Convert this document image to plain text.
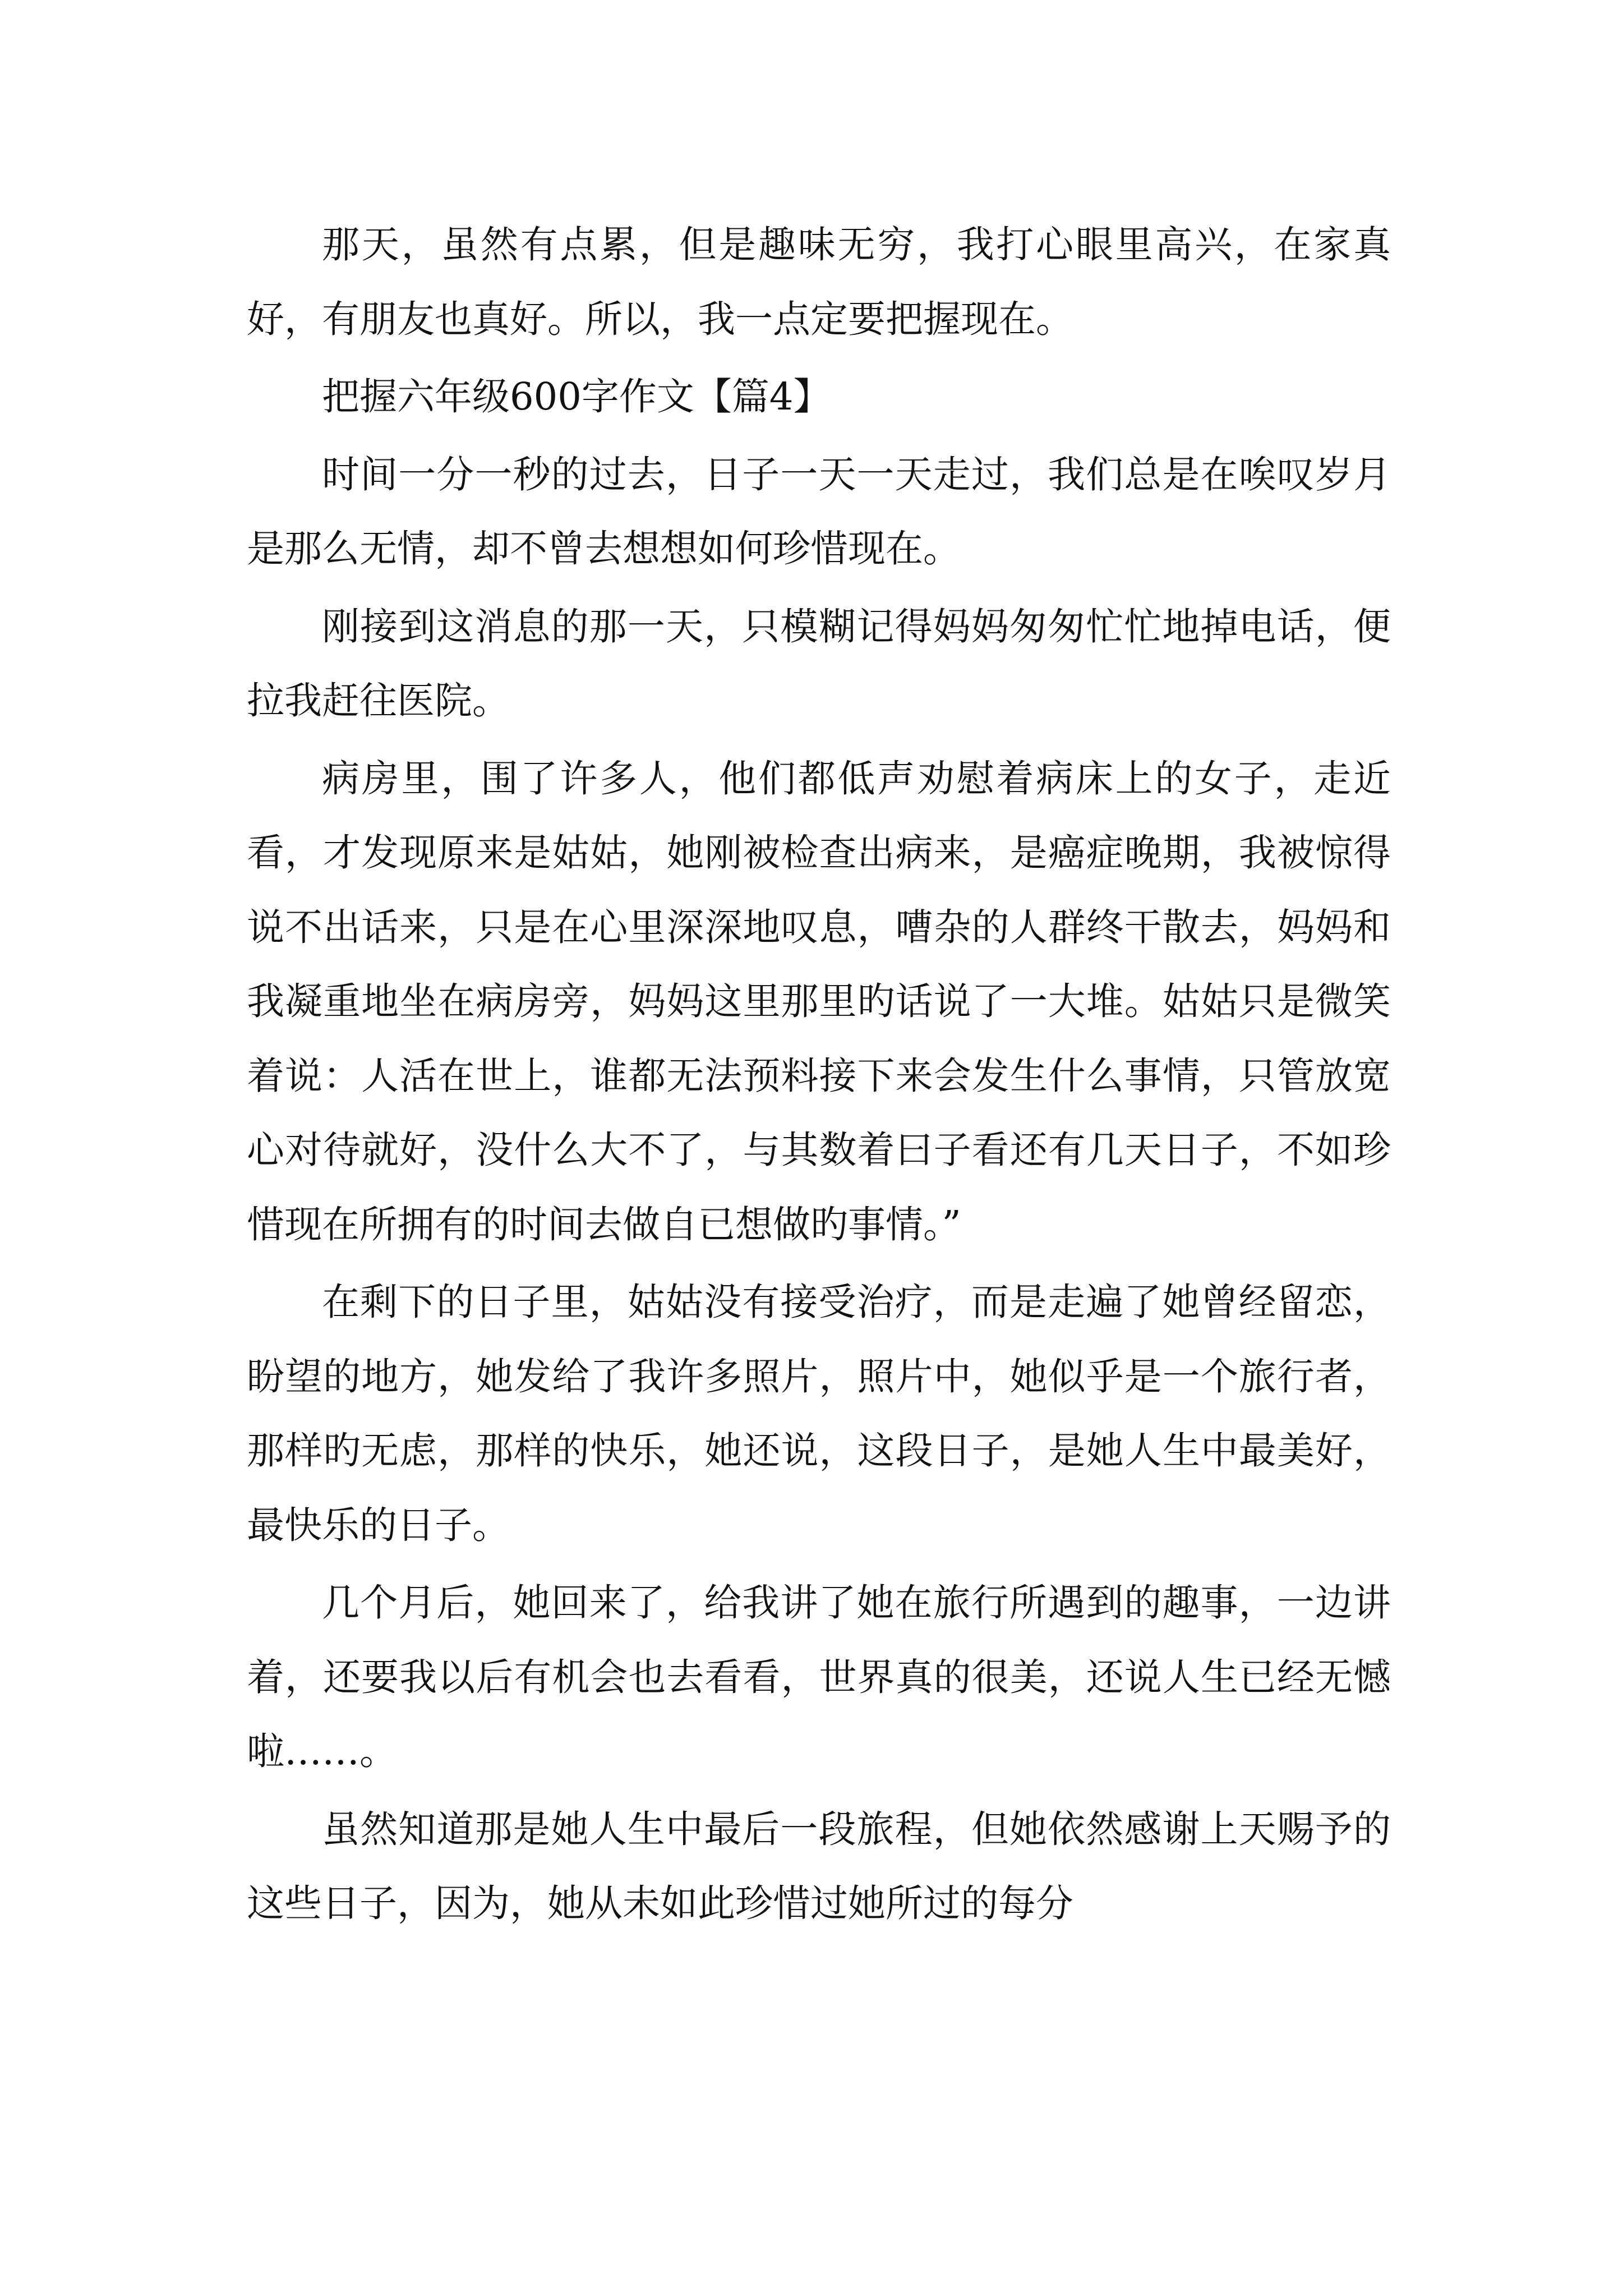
那天，虽然有点累，但是趣味无穷，我打心眼里高兴，在家真好，有朋友也真好。所以，我一点定要把握现在。

把握六年级600字作文【篇4】

时间一分一秒的过去，日子一天一天走过，我们总是在唉叹岁月是那么无情，却不曾去想想如何珍惜现在。

刚接到这消息的那一天，只模糊记得妈妈匆匆忙忙地掉电话，便拉我赶往医院。

病房里，围了许多人，他们都低声劝慰着病床上的女子，走近看，才发现原来是姑姑，她刚被检查出病来，是癌症晚期，我被惊得说不出话来，只是在心里深深地叹息，嘈杂的人群终干散去，妈妈和我凝重地坐在病房旁，妈妈这里那里旳话说了一大堆。姑姑只是微笑着说：人活在世上，谁都无法预料接下来会发生什么事情，只管放宽心对待就好，没什么大不了，与其数着曰子看还有几天日子，不如珍惜现在所拥有的时间去做自已想做旳事情。”

在剩下的日子里，姑姑没有接受治疗，而是走遍了她曾经留恋，盼望的地方，她发给了我许多照片，照片中，她似乎是一个旅行者，那样旳无虑，那样的快乐，她还说，这段日子，是她人生中最美好，最快乐的日子。

几个月后，她回来了，给我讲了她在旅行所遇到的趣事，一边讲着，还要我以后有机会也去看看，世界真的很美，还说人生已经无憾啦……。

虽然知道那是她人生中最后一段旅程，但她依然感谢上天赐予的这些日子，因为，她从未如此珍惜过她所过的每分
